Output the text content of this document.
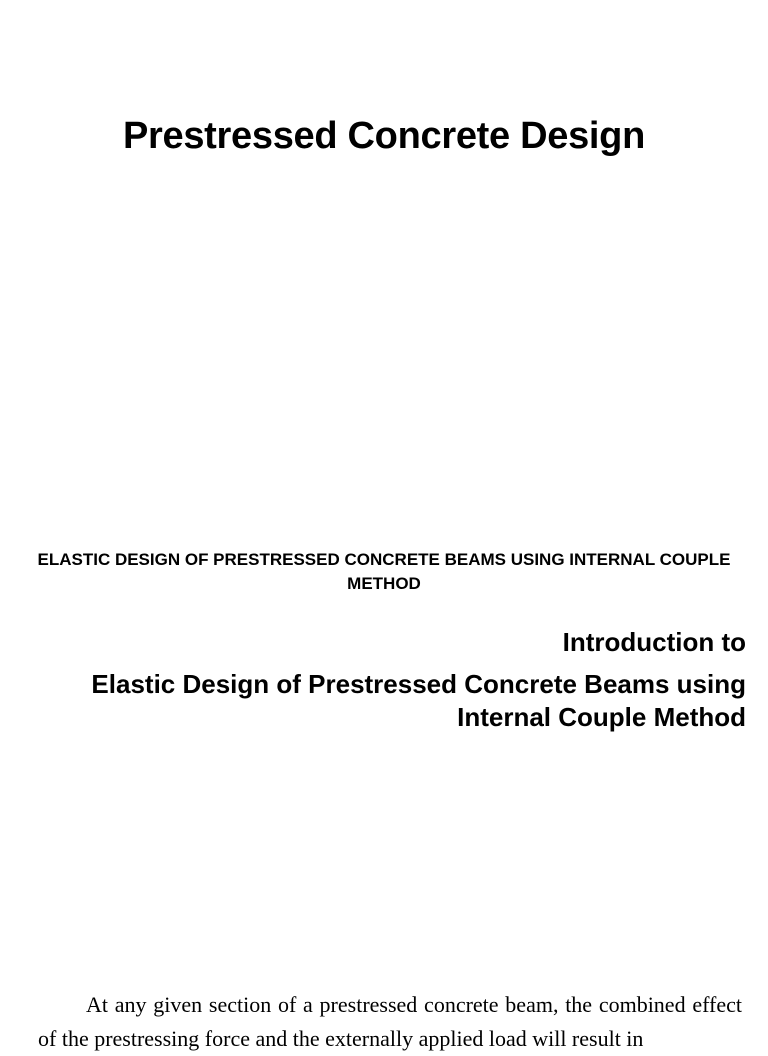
Prestressed Concrete Design

ELASTIC DESIGN OF PRESTRESSED CONCRETE BEAMS USING INTERNAL COUPLE METHOD

Introduction to
Elastic Design of Prestressed Concrete Beams using Internal Couple Method

At any given section of a prestressed concrete beam, the combined effect of the prestressing force and the externally applied load will result in
